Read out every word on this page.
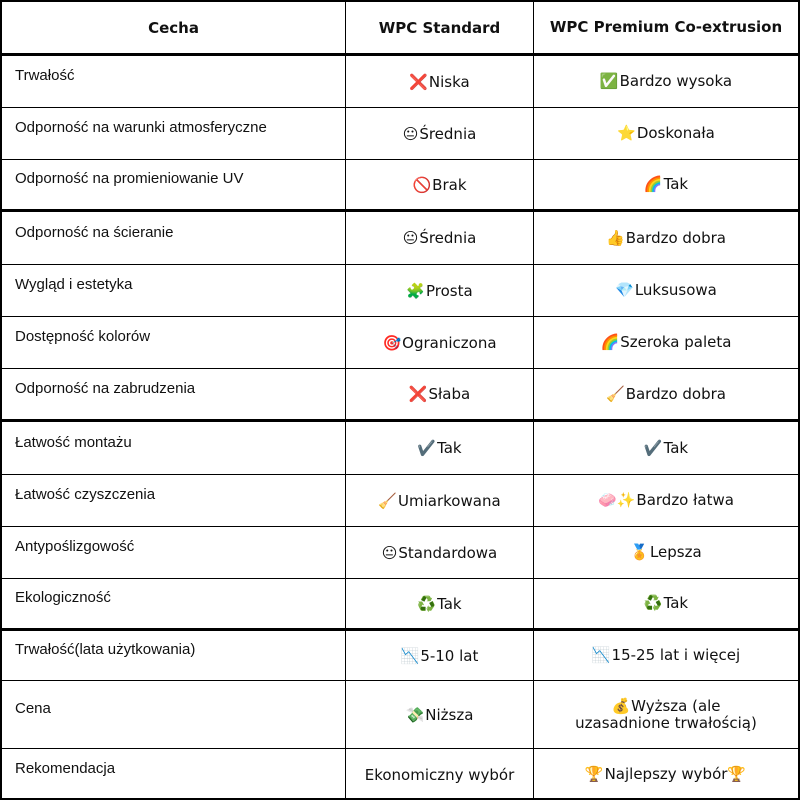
Cecha	WPC Standard	WPC Premium Co-extrusion
Trwałość	❌Niska	✅Bardzo wysoka
Odporność na warunki atmosferyczne	😐Średnia	⭐Doskonała
Odporność na promieniowanie UV	🚫Brak	🌈Tak
Odporność na ścieranie	😐Średnia	👍Bardzo dobra
Wygląd i estetyka	🧩Prosta	💎Luksusowa
Dostępność kolorów	🎯Ograniczona	🌈Szeroka paleta
Odporność na zabrudzenia	❌Słaba	🧹Bardzo dobra
Łatwość montażu	✔️Tak	✔️Tak
Łatwość czyszczenia	🧹Umiarkowana	🧼✨Bardzo łatwa
Antypoślizgowość	😐Standardowa	🏅Lepsza
Ekologiczność	♻️Tak	♻️Tak
Trwałość(lata użytkowania)	📉5-10 lat	📉15-25 lat i więcej
Cena	💸Niższa	💰Wyższa (ale uzasadnione trwałością)
Rekomendacja	Ekonomiczny wybór	🏆Najlepszy wybór🏆
